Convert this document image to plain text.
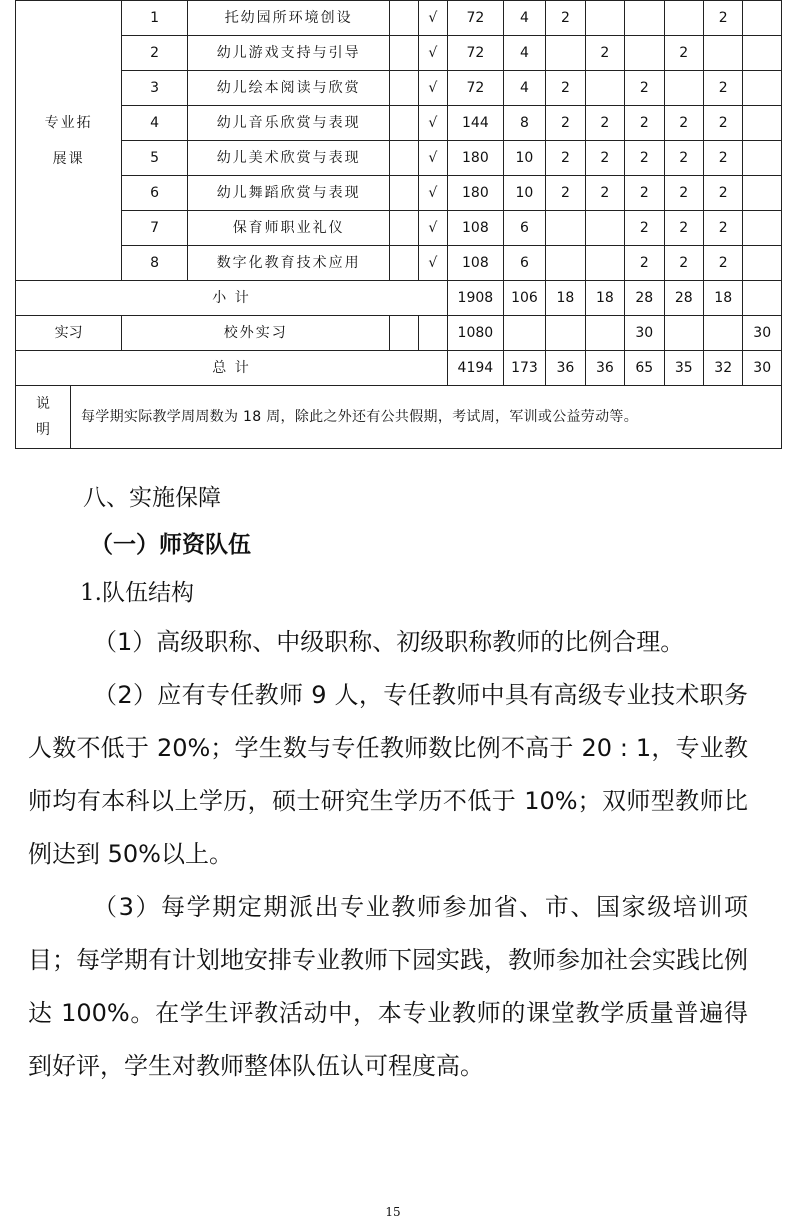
专业拓展课	1	托幼园所环境创设		√	72	4	2				2	
	2	幼儿游戏支持与引导		√	72	4		2		2		
	3	幼儿绘本阅读与欣赏		√	72	4	2		2		2	
	4	幼儿音乐欣赏与表现		√	144	8	2	2	2	2	2	
	5	幼儿美术欣赏与表现		√	180	10	2	2	2	2	2	
	6	幼儿舞蹈欣赏与表现		√	180	10	2	2	2	2	2	
	7	保育师职业礼仪		√	108	6			2	2	2	
	8	数字化教育技术应用		√	108	6			2	2	2	
小 计					1908	106	18	18	28	28	18	
实习	校外实习				1080				30			30
总 计					4194	173	36	36	65	35	32	30

说
明
每学期实际教学周周数为 18 周，除此之外还有公共假期，考试周，军训或公益劳动等。												
八、实施保障
（一）师资队伍
1.队伍结构

（1）高级职称、中级职称、初级职称教师的比例合理。

（2）应有专任教师 9 人，专任教师中具有高级专业技术职务人数不低于 20%；学生数与专任教师数比例不高于 20 : 1，专业教师均有本科以上学历，硕士研究生学历不低于 10%；双师型教师比例达到 50%以上。

（3）每学期定期派出专业教师参加省、市、国家级培训项目；每学期有计划地安排专业教师下园实践，教师参加社会实践比例达 100%。在学生评教活动中，本专业教师的课堂教学质量普遍得到好评，学生对教师整体队伍认可程度高。

15
